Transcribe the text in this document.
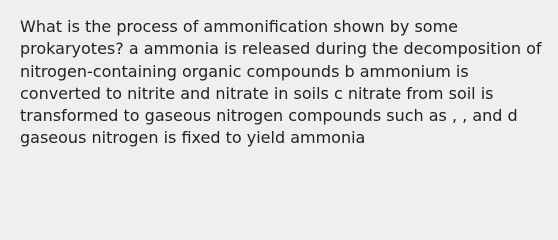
What is the process of ammonification shown by some
prokaryotes? a ammonia is released during the decomposition of
nitrogen-containing organic compounds b ammonium is
converted to nitrite and nitrate in soils c nitrate from soil is
transformed to gaseous nitrogen compounds such as , , and d
gaseous nitrogen is fixed to yield ammonia
